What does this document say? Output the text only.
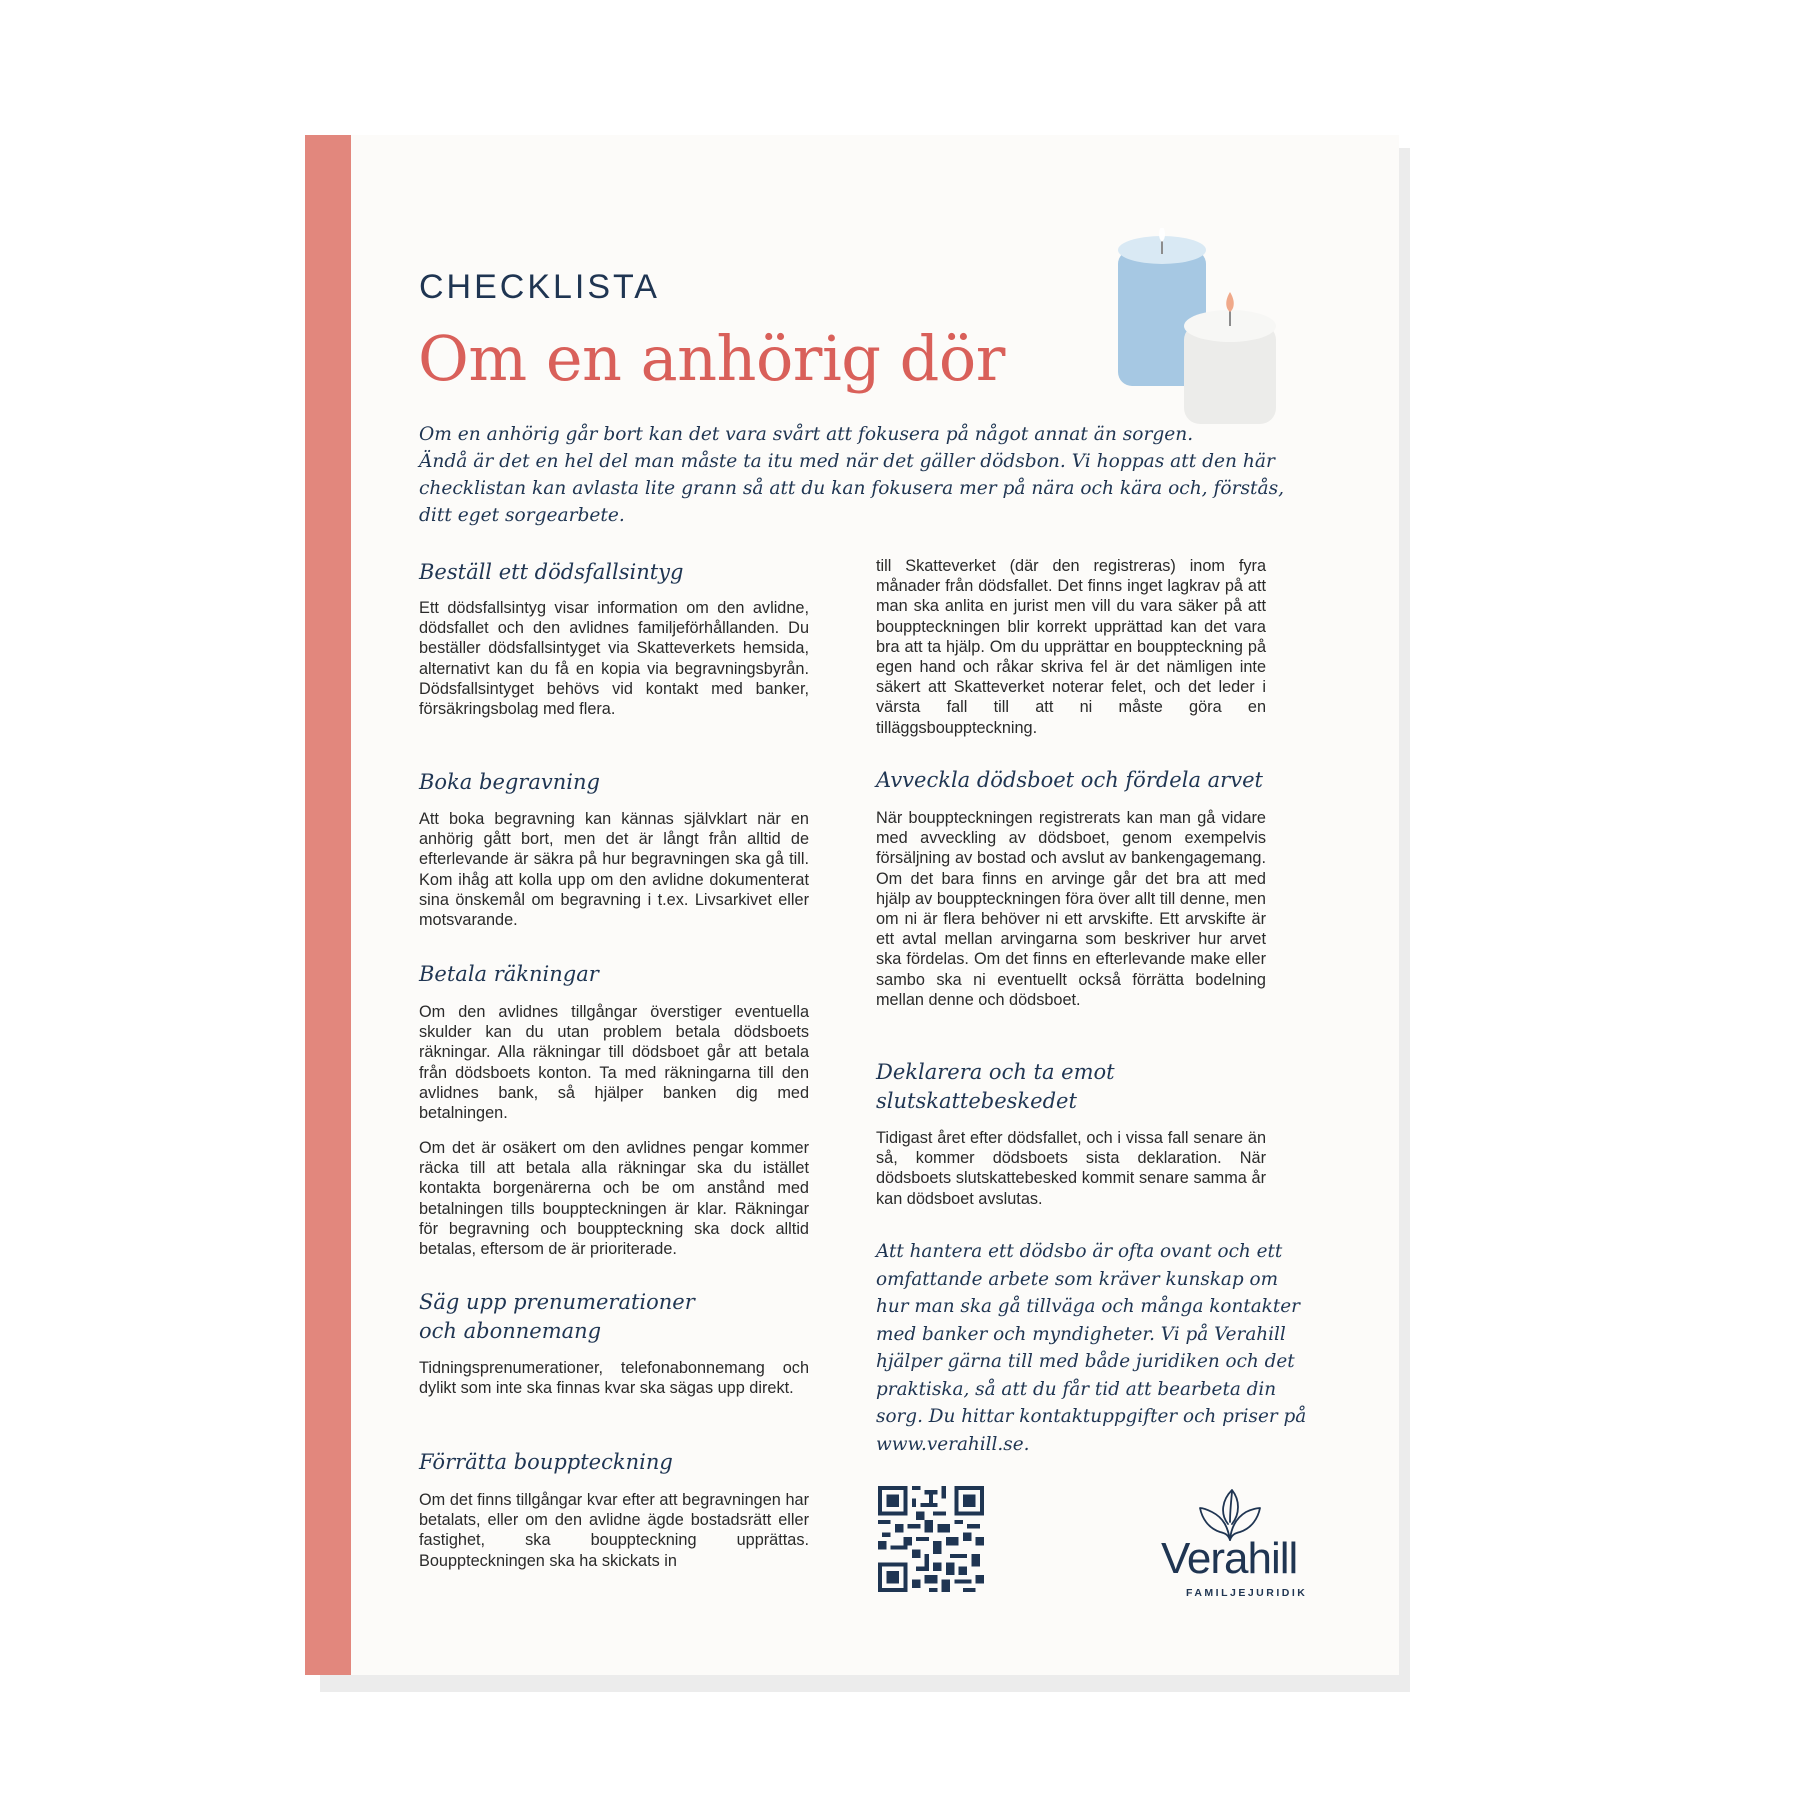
CHECKLISTA
Om en anhörig dör

Om en anhörig går bort kan det vara svårt att fokusera på något annat än sorgen.

Ändå är det en hel del man måste ta itu med när det gäller dödsbon. Vi hoppas att den här

checklistan kan avlasta lite grann så att du kan fokusera mer på nära och kära och, förstås,

ditt eget sorgearbete.

Beställ ett dödsfallsintyg
Ett dödsfallsintyg visar information om den avlidne, dödsfallet och den avlidnes familjeförhållanden. Du beställer dödsfallsintyget via Skatteverkets hemsida, alternativt kan du få en kopia via begravningsbyrån. Dödsfallsintyget behövs vid kontakt med banker, försäkringsbolag med flera.
Boka begravning
Att boka begravning kan kännas självklart när en anhörig gått bort, men det är långt från alltid de efterlevande är säkra på hur begravningen ska gå till. Kom ihåg att kolla upp om den avlidne dokumenterat sina önskemål om begravning i t.ex. Livsarkivet eller motsvarande.
Betala räkningar
Om den avlidnes tillgångar överstiger eventuella skulder kan du utan problem betala dödsboets räkningar. Alla räkningar till dödsboet går att betala från dödsboets konton. Ta med räkningarna till den avlidnes bank, så hjälper banken dig med betalningen.
Om det är osäkert om den avlidnes pengar kommer räcka till att betala alla räkningar ska du istället kontakta borgenärerna och be om anstånd med betalningen tills bouppteckningen är klar. Räkningar för begravning och bouppteckning ska dock alltid betalas, eftersom de är prioriterade.
Säg upp prenumerationer
och abonnemang
Tidningsprenumerationer, telefonabonnemang och dylikt som inte ska finnas kvar ska sägas upp direkt.
Förrätta bouppteckning
Om det finns tillgångar kvar efter att begravningen har betalats, eller om den avlidne ägde bostadsrätt eller fastighet, ska bouppteckning upprättas. Bouppteckningen ska ha skickats in
till Skatteverket (där den registreras) inom fyra månader från dödsfallet. Det finns inget lagkrav på att man ska anlita en jurist men vill du vara säker på att bouppteckningen blir korrekt upprättad kan det vara bra att ta hjälp. Om du upprättar en bouppteckning på egen hand och råkar skriva fel är det nämligen inte säkert att Skatteverket noterar felet, och det leder i värsta fall till att ni måste göra en tilläggsbouppteckning.
Avveckla dödsboet och fördela arvet
När bouppteckningen registrerats kan man gå vidare med avveckling av dödsboet, genom exempelvis försäljning av bostad och avslut av bankengagemang. Om det bara finns en arvinge går det bra att med hjälp av bouppteckningen föra över allt till denne, men om ni är flera behöver ni ett arvskifte. Ett arvskifte är ett avtal mellan arvingarna som beskriver hur arvet ska fördelas. Om det finns en efterlevande make eller sambo ska ni eventuellt också förrätta bodelning mellan denne och dödsboet.
Deklarera och ta emot
slutskattebeskedet
Tidigast året efter dödsfallet, och i vissa fall senare än så, kommer dödsboets sista deklaration. När dödsboets slutskattebesked kommit senare samma år kan dödsboet avslutas.

Att hantera ett dödsbo är ofta ovant och ett

omfattande arbete som kräver kunskap om

hur man ska gå tillväga och många kontakter

med banker och myndigheter. Vi på Verahill

hjälper gärna till med både juridiken och det

praktiska, så att du får tid att bearbeta din

sorg. Du hittar kontaktuppgifter och priser på

www.verahill.se.

Verahill
FAMILJEJURIDIK
